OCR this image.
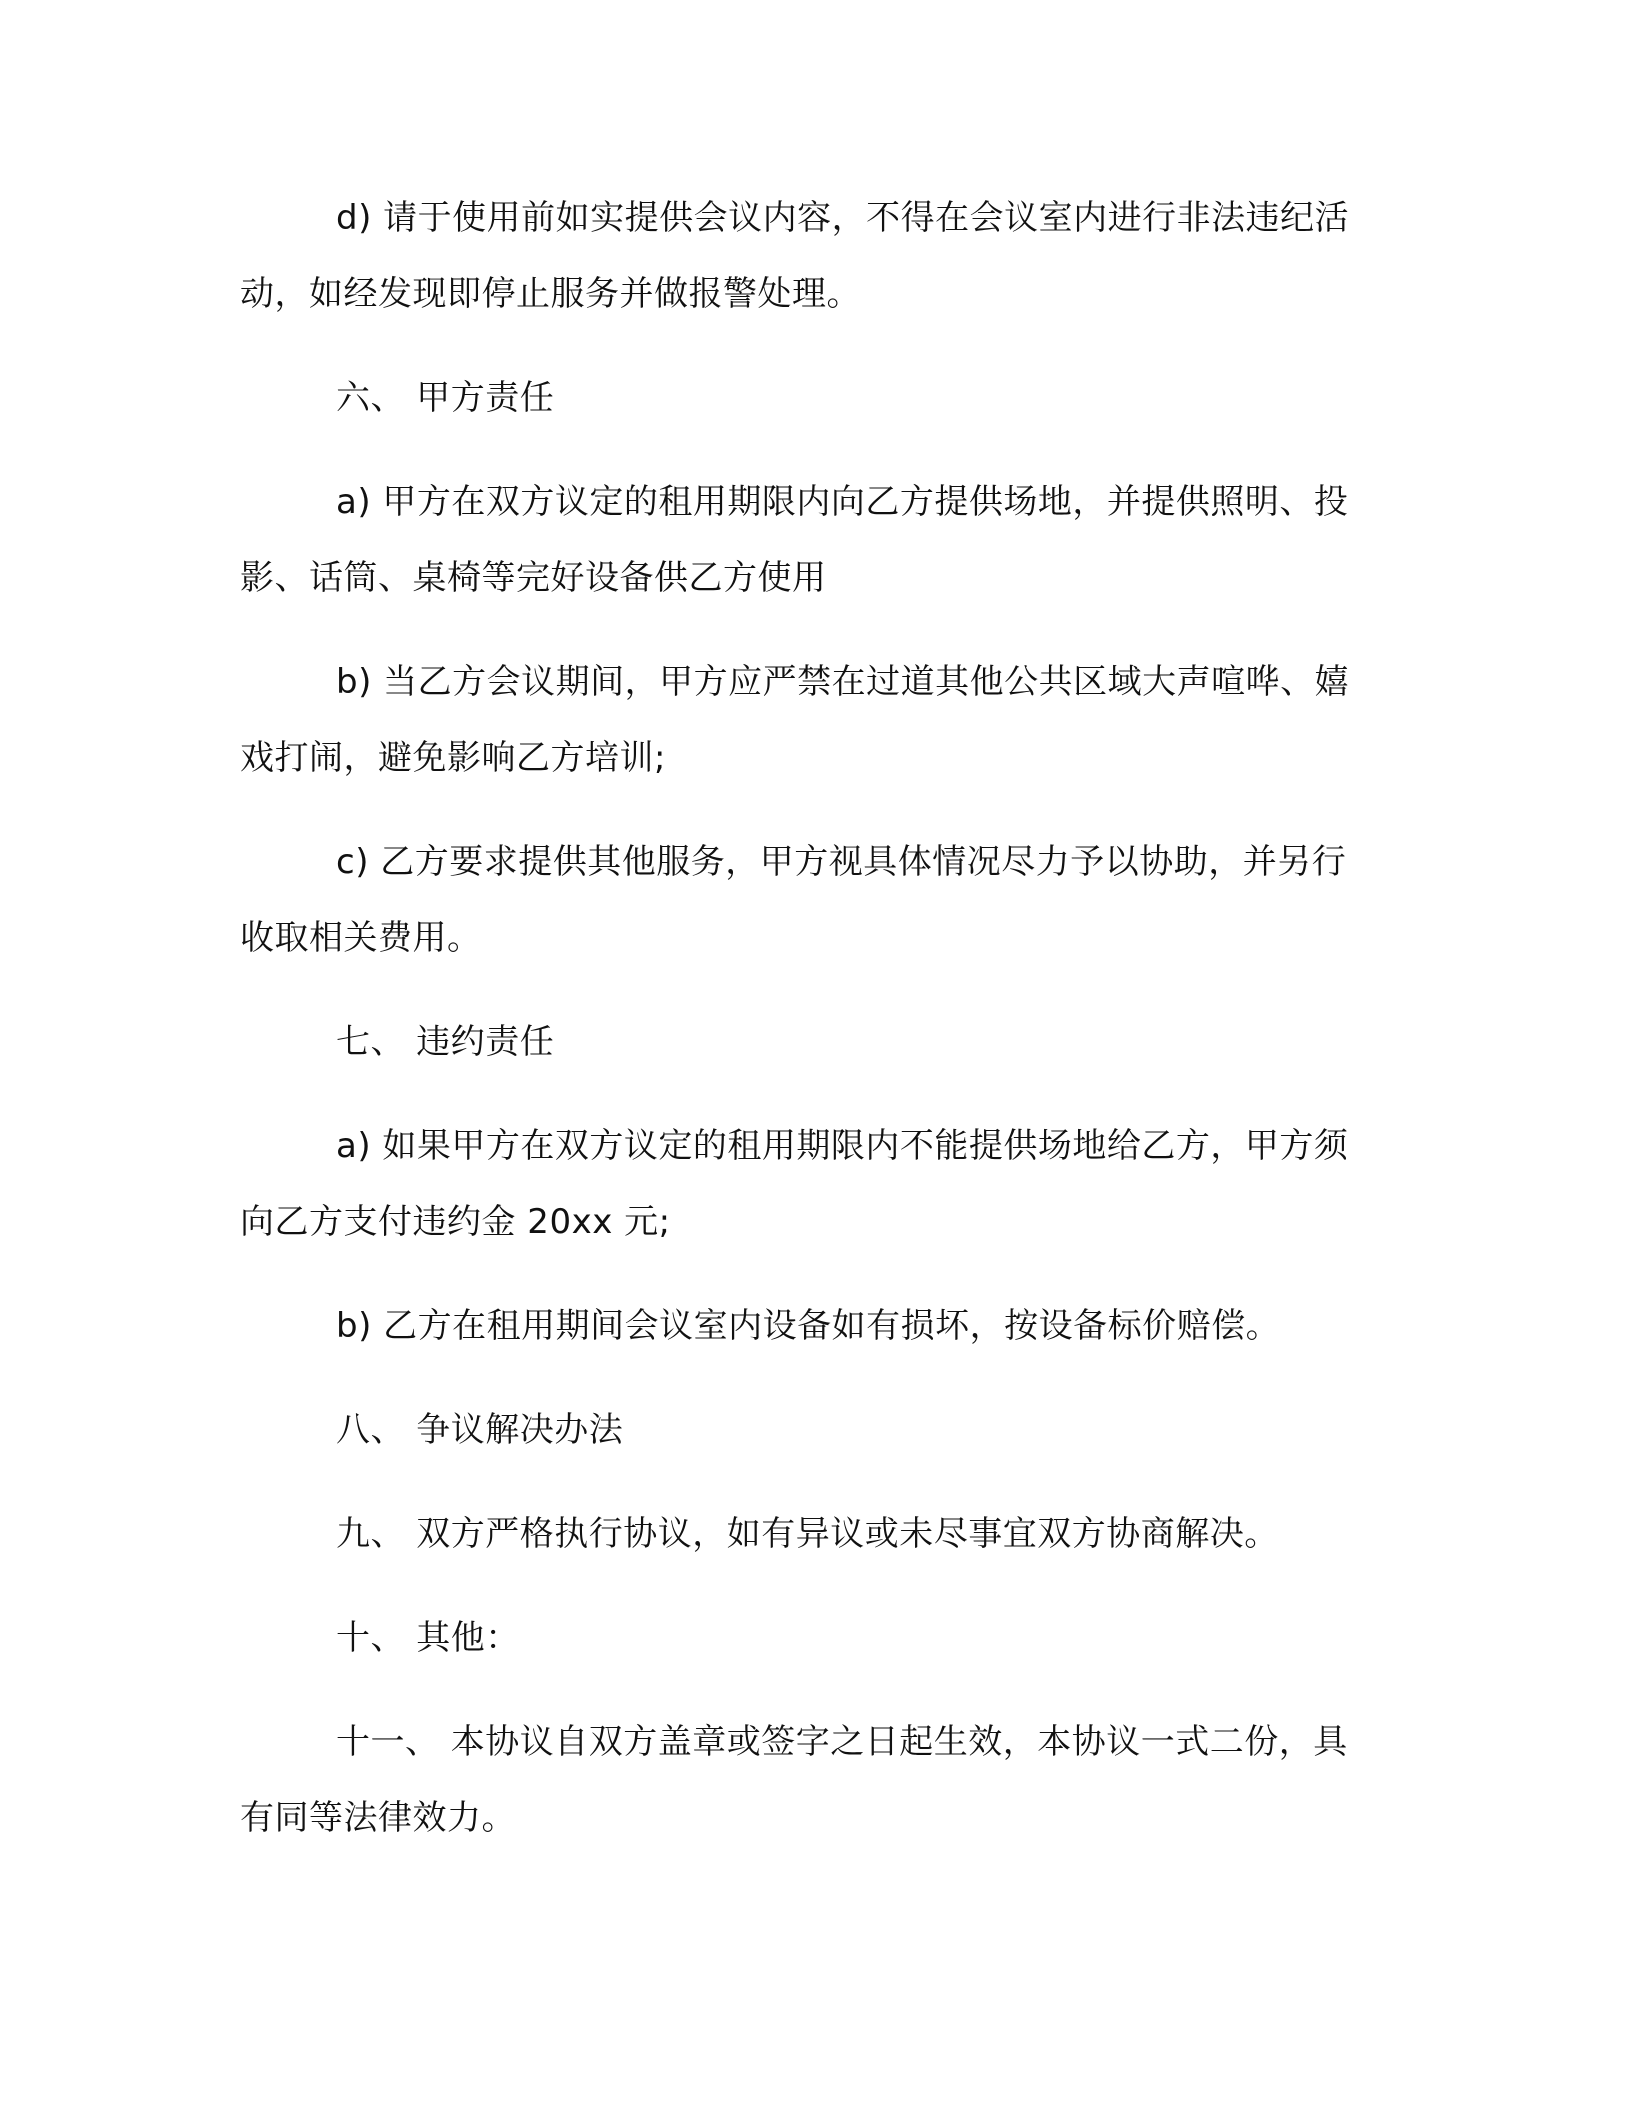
d) 请于使用前如实提供会议内容，不得在会议室内进行非法违纪活动，如经发现即停止服务并做报警处理。

六、 甲方责任

a) 甲方在双方议定的租用期限内向乙方提供场地，并提供照明、投影、话筒、桌椅等完好设备供乙方使用

b) 当乙方会议期间，甲方应严禁在过道其他公共区域大声喧哗、嬉戏打闹，避免影响乙方培训;

c) 乙方要求提供其他服务，甲方视具体情况尽力予以协助，并另行收取相关费用。

七、 违约责任

a) 如果甲方在双方议定的租用期限内不能提供场地给乙方，甲方须向乙方支付违约金 20xx 元;

b) 乙方在租用期间会议室内设备如有损坏，按设备标价赔偿。

八、 争议解决办法

九、 双方严格执行协议，如有异议或未尽事宜双方协商解决。

十、 其他：

十一、 本协议自双方盖章或签字之日起生效，本协议一式二份，具有同等法律效力。
